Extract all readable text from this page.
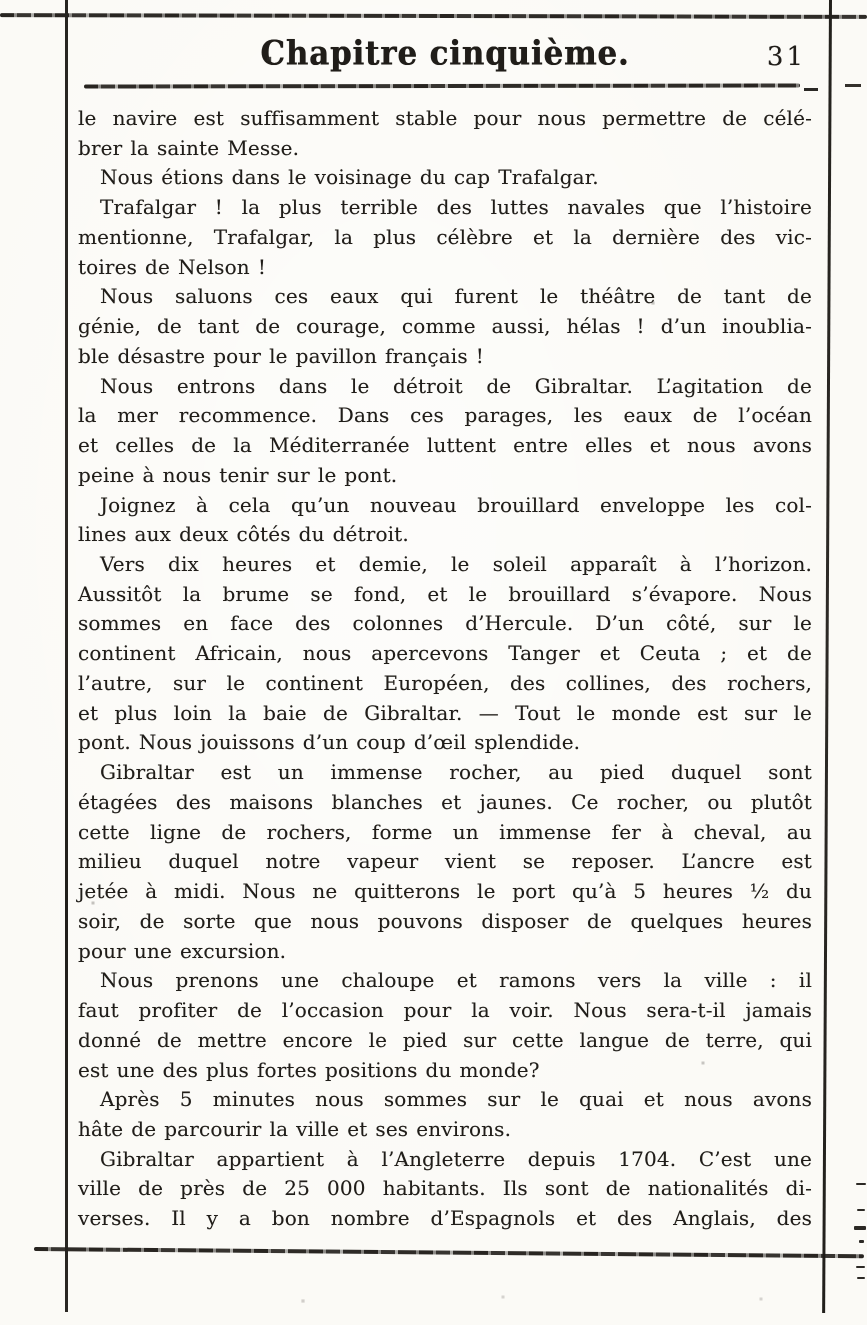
Chapitre cinquième.	31
le navire est suffisamment stable pour nous permettre de célé-
brer la sainte Messe.
Nous étions dans le voisinage du cap Trafalgar.
Trafalgar ! la plus terrible des luttes navales que l’histoire
mentionne, Trafalgar, la plus célèbre et la dernière des vic-
toires de Nelson !
Nous saluons ces eaux qui furent le théâtre de tant de
génie, de tant de courage, comme aussi, hélas ! d’un inoublia-
ble désastre pour le pavillon français !
Nous entrons dans le détroit de Gibraltar. L’agitation de
la mer recommence. Dans ces parages, les eaux de l’océan
et celles de la Méditerranée luttent entre elles et nous avons
peine à nous tenir sur le pont.
Joignez à cela qu’un nouveau brouillard enveloppe les col-
lines aux deux côtés du détroit.
Vers dix heures et demie, le soleil apparaît à l’horizon.
Aussitôt la brume se fond, et le brouillard s’évapore. Nous
sommes en face des colonnes d’Hercule. D’un côté, sur le
continent Africain, nous apercevons Tanger et Ceuta ; et de
l’autre, sur le continent Européen, des collines, des rochers,
et plus loin la baie de Gibraltar. — Tout le monde est sur le
pont. Nous jouissons d’un coup d’œil splendide.
Gibraltar est un immense rocher, au pied duquel sont
étagées des maisons blanches et jaunes. Ce rocher, ou plutôt
cette ligne de rochers, forme un immense fer à cheval, au
milieu duquel notre vapeur vient se reposer. L’ancre est
jetée à midi. Nous ne quitterons le port qu’à 5 heures ½ du
soir, de sorte que nous pouvons disposer de quelques heures
pour une excursion.
Nous prenons une chaloupe et ramons vers la ville : il
faut profiter de l’occasion pour la voir. Nous sera-t-il jamais
donné de mettre encore le pied sur cette langue de terre, qui
est une des plus fortes positions du monde?
Après 5 minutes nous sommes sur le quai et nous avons
hâte de parcourir la ville et ses environs.
Gibraltar appartient à l’Angleterre depuis 1704. C’est une
ville de près de 25 000 habitants. Ils sont de nationalités di-
verses. Il y a bon nombre d’Espagnols et des Anglais, des
